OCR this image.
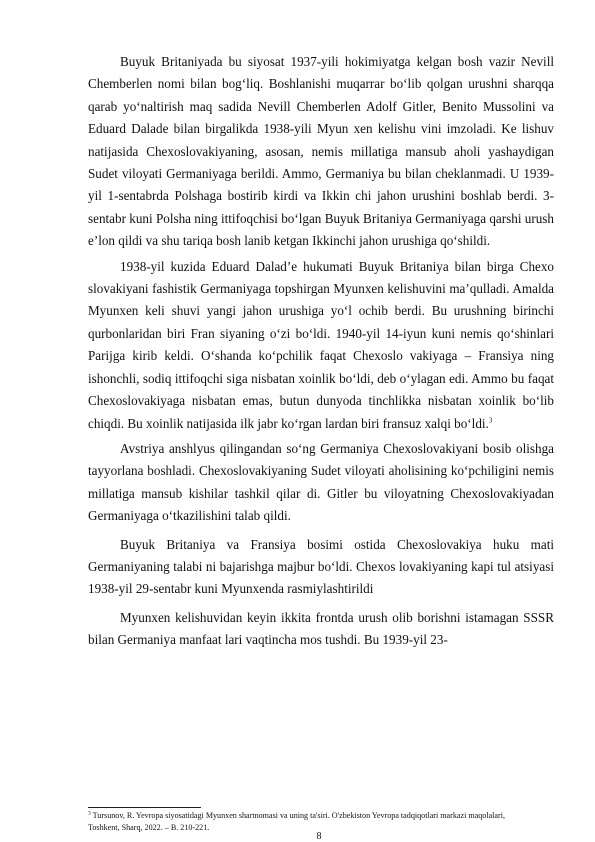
Buyuk Britaniyada bu siyosat 1937-yili hokimiyatga kelgan bosh vazir Nevill Chemberlen nomi bilan bogʻliq. Boshlanishi muqarrar boʻlib qolgan urushni sharqqa qarab yoʻnaltirish maq sadida Nevill Chemberlen Adolf Gitler, Benito Mussolini va Eduard Dalade bilan birgalikda 1938-yili Myun xen kelishu vini imzoladi. Ke lishuv natijasida Chexoslovakiyaning, asosan, nemis millatiga mansub aholi yashaydigan Sudet viloyati Germaniyaga berildi. Ammo, Germaniya bu bilan cheklanmadi. U 1939-yil 1-sentabrda Polshaga bostirib kirdi va Ikkin chi jahon urushini boshlab berdi. 3-sentabr kuni Polsha ning ittifoqchisi boʻlgan Buyuk Britaniya Germaniyaga qarshi urush e’lon qildi va shu tariqa bosh lanib ketgan Ikkinchi jahon urushiga qoʻshildi.

1938-yil kuzida Eduard Dalad’e hukumati Buyuk Britaniya bilan birga Chexo slovakiyani fashistik Germaniyaga topshirgan Myunxen kelishuvini ma’qulladi. Amalda Myunxen keli shuvi yangi jahon urushiga yoʻl ochib berdi. Bu urushning birinchi qurbonlaridan biri Fran siyaning oʻzi boʻldi. 1940-yil 14-iyun kuni nemis qoʻshinlari Parijga kirib keldi. Oʻshanda koʻpchilik faqat Chexoslo vakiyaga – Fransiya ning ishonchli, sodiq ittifoqchi siga nisbatan xoinlik boʻldi, deb oʻylagan edi. Ammo bu faqat Chexoslovakiyaga nisbatan emas, butun dunyoda tinchlikka nisbatan xoinlik boʻlib chiqdi. Bu xoinlik natijasida ilk jabr koʻrgan lardan biri fransuz xalqi boʻldi.$^3$

Avstriya anshlyus qilingandan soʻng Germaniya Chexoslovakiyani bosib olishga tayyorlana boshladi. Chexoslovakiyaning Sudet viloyati aholisining koʻpchiligini nemis millatiga mansub kishilar tashkil qilar di. Gitler bu viloyatning Chexoslovakiyadan Germaniyaga oʻtkazilishini talab qildi.

Buyuk Britaniya va Fransiya bosimi ostida Chexoslovakiya huku mati Germaniyaning talabi ni bajarishga majbur boʻldi. Chexos lovakiyaning kapi tul atsiyasi 1938-yil 29-sentabr kuni Myunxenda rasmiylashtirildi

Myunxen kelishuvidan keyin ikkita frontda urush olib borishni istamagan SSSR bilan Germaniya manfaat lari vaqtincha mos tushdi. Bu 1939-yil 23-

$^3$ Tursunov, R. Yevropa siyosatidagi Myunxen shartnomasi va uning ta'siri. O'zbekiston Yevropa tadqiqotlari markazi maqolalari, Toshkent, Sharq, 2022. – B. 210-221.
8
